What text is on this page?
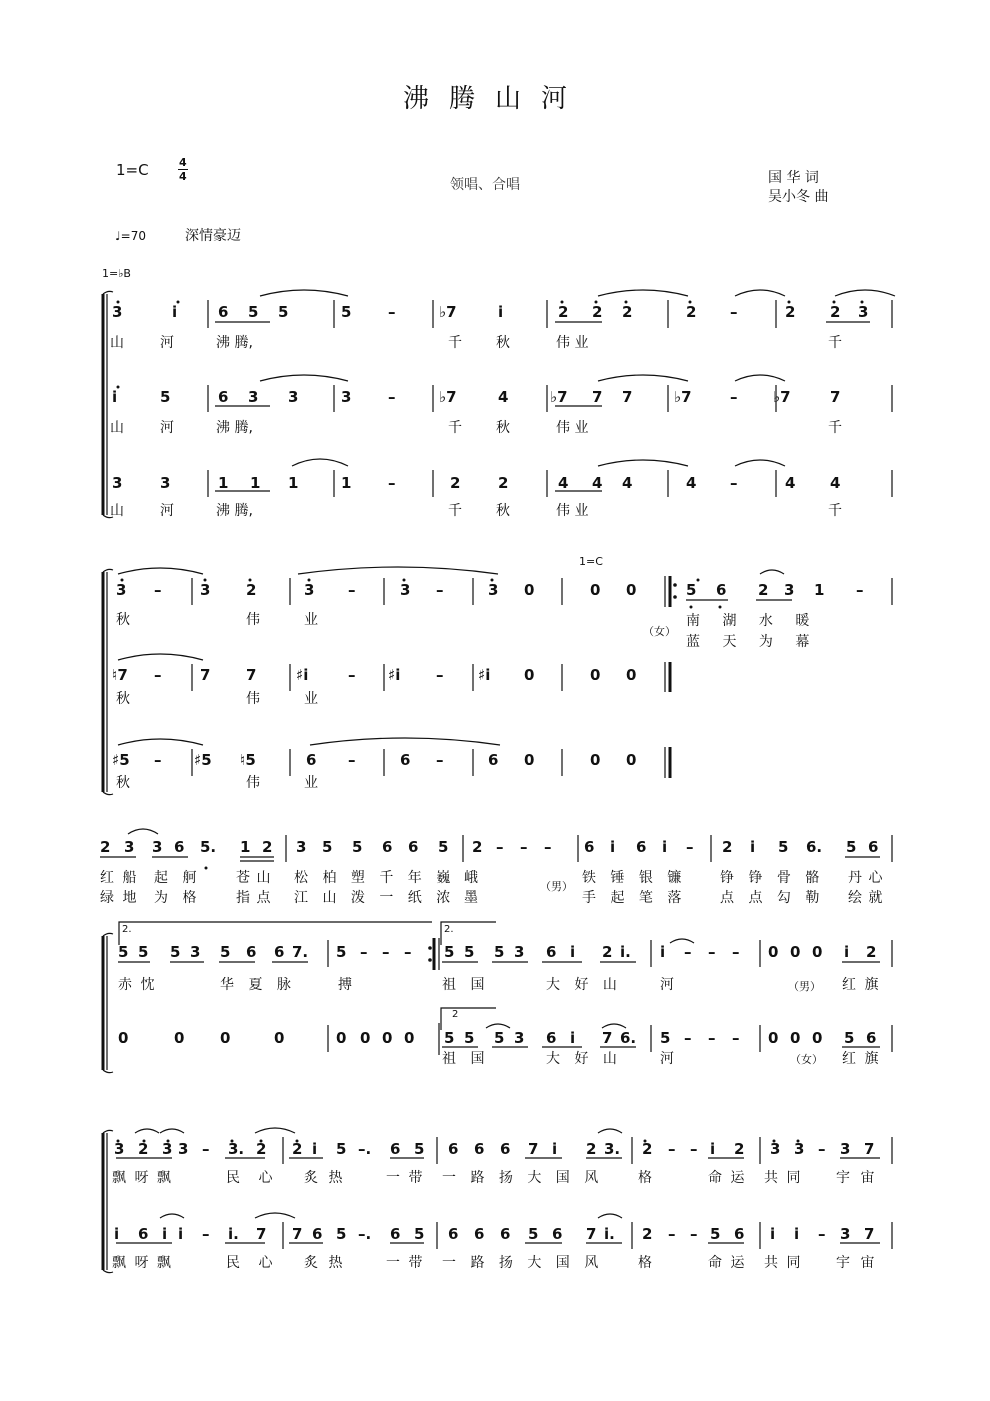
沸腾山河
1=C	4
4
领唱、合唱	国 华 词
吴小冬 曲
♩=70	深情豪迈
1=♭B
1=C
3	i	6 5 5	5 –	♭7	i	2 2 2	2 –	2 2 3
山	河	沸 腾,	千 秋	伟 业	千
i	5	6 3 3	3 –	♭7	4	♭7 7 7	♭7	– ♭7	7
山	河	沸 腾,	千 秋	伟 业	千
3	3	1 1 1	1 –	2	2	4 4 4	4 –	4 4
山	河	沸 腾,	千 秋	伟 业	千
3 –	3 2	3 –	3 –	3 0	0 0
秋	伟	业
♮7 –	7 7	♯i	– ♯i – ♯i 0	0 0
秋	伟	业
♯5 – ♯5 ♮5	6 –	6 –	6 0	0 0
秋	伟	业
5 6 2 3 1 –
（女）
南 湖 水 暖
蓝 天 为 幕
2 3 3 6 5. 1 2 3 5 5 6 6 5 2 – – – 6 i 6 i – 2 i 5 6. 5 6
红 船 起 舸	苍 山 松 柏 塑 千 年 巍 峨	铁 锤 银 镰	铮 铮 骨 骼 丹 心
（男）
绿 地 为 格	指 点 江 山 泼 一 纸 浓 墨	手 起 笔 落	点 点 勾 勒 绘 就
2.	2.
2
5 5 5 3 5 6 6 7. 5 – – – 5 5 5 3 6 i 2 i. i – – – 0 0 0 i 2
赤 忱	华 夏 脉	搏	祖 国	大 好 山	河	红 旗
（男）
0	0 0	0	0 0 0 0 5 5 5 3 6 i 7 6. 5 – – – 0 0 0 5 6
祖 国	大 好 山	河	红 旗
（女）
3 2 3 3 – 3. 2 2 i 5 –. 6 5 6 6 6 7 i 2 3. 2 – – i 2 3 3 – 3 7
飘 呀 飘	民 心 炙 热	一 带 一 路 扬 大 国 风	格	命 运 共 同	宇 宙
i 6 i i – i. 7 7 6 5 –. 6 5 6 6 6 5 6 7 i. 2 – – 5 6 i i – 3 7
飘 呀 飘	民 心 炙 热	一 带 一 路 扬 大 国 风	格	命 运 共 同	宇 宙
